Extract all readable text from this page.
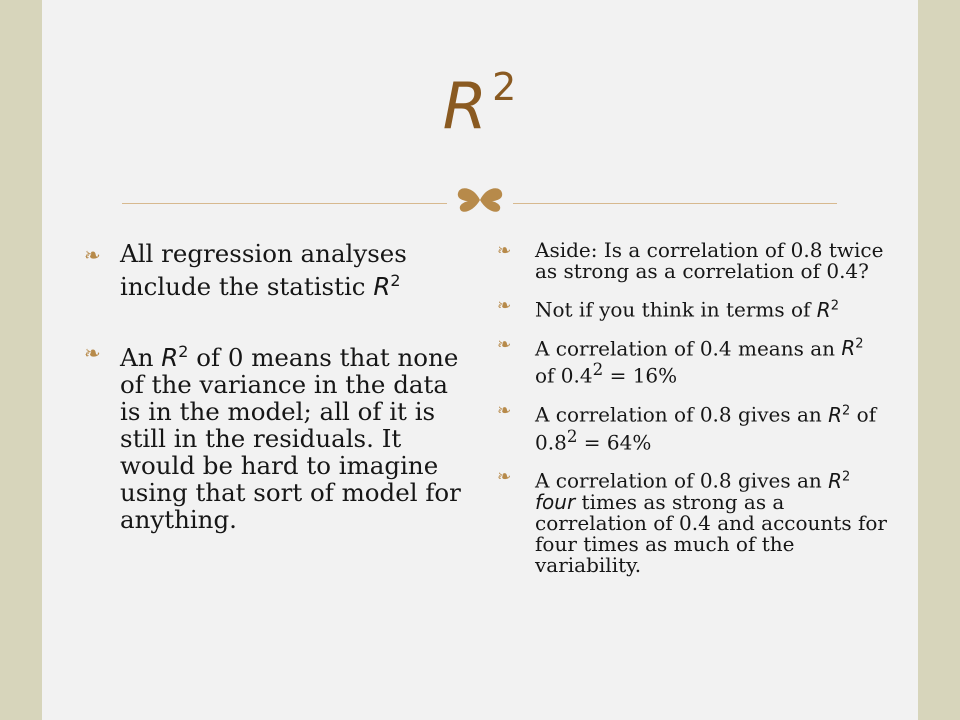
R $^2$
❧ All regression analyses include the statistic $R^2$
❧ An $R^2$ of 0 means that none of the variance in the data is in the model; all of it is still in the residuals. It would be hard to imagine using that sort of model for anything.
❧ Aside: Is a correlation of 0.8 twice as strong as a correlation of 0.4?
❧ Not if you think in terms of $R^2$
❧ A correlation of 0.4 means an $R^2$ of $0.4^2 = 16\%$
❧ A correlation of 0.8 gives an $R^2$ of $0.8^2 = 64\%$
❧ A correlation of 0.8 gives an $R^2$ four times as strong as a correlation of 0.4 and accounts for four times as much of the variability.
